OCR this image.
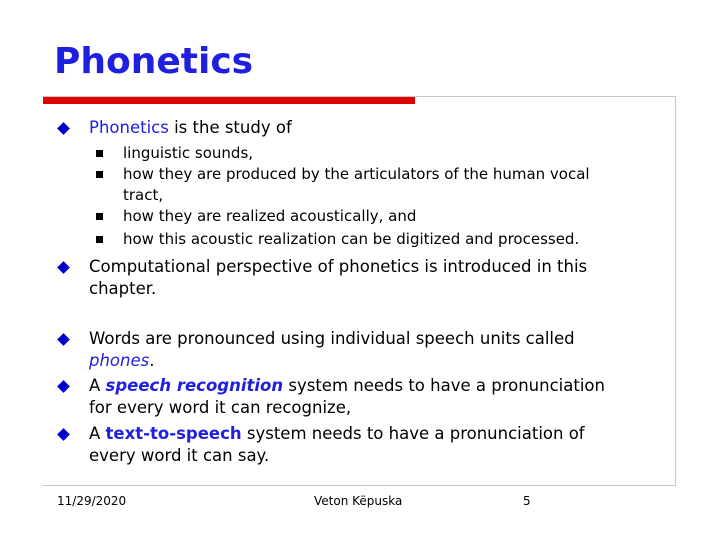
Phonetics

Phonetics is the study of

linguistic sounds,

how they are produced by the articulators of the human vocal

tract,

how they are realized acoustically, and

how this acoustic realization can be digitized and processed.

Computational perspective of phonetics is introduced in this

chapter.

Words are pronounced using individual speech units called

phones.

A speech recognition system needs to have a pronunciation

for every word it can recognize,

A text-to-speech system needs to have a pronunciation of

every word it can say.

11/29/2020	Veton Këpuska	5
